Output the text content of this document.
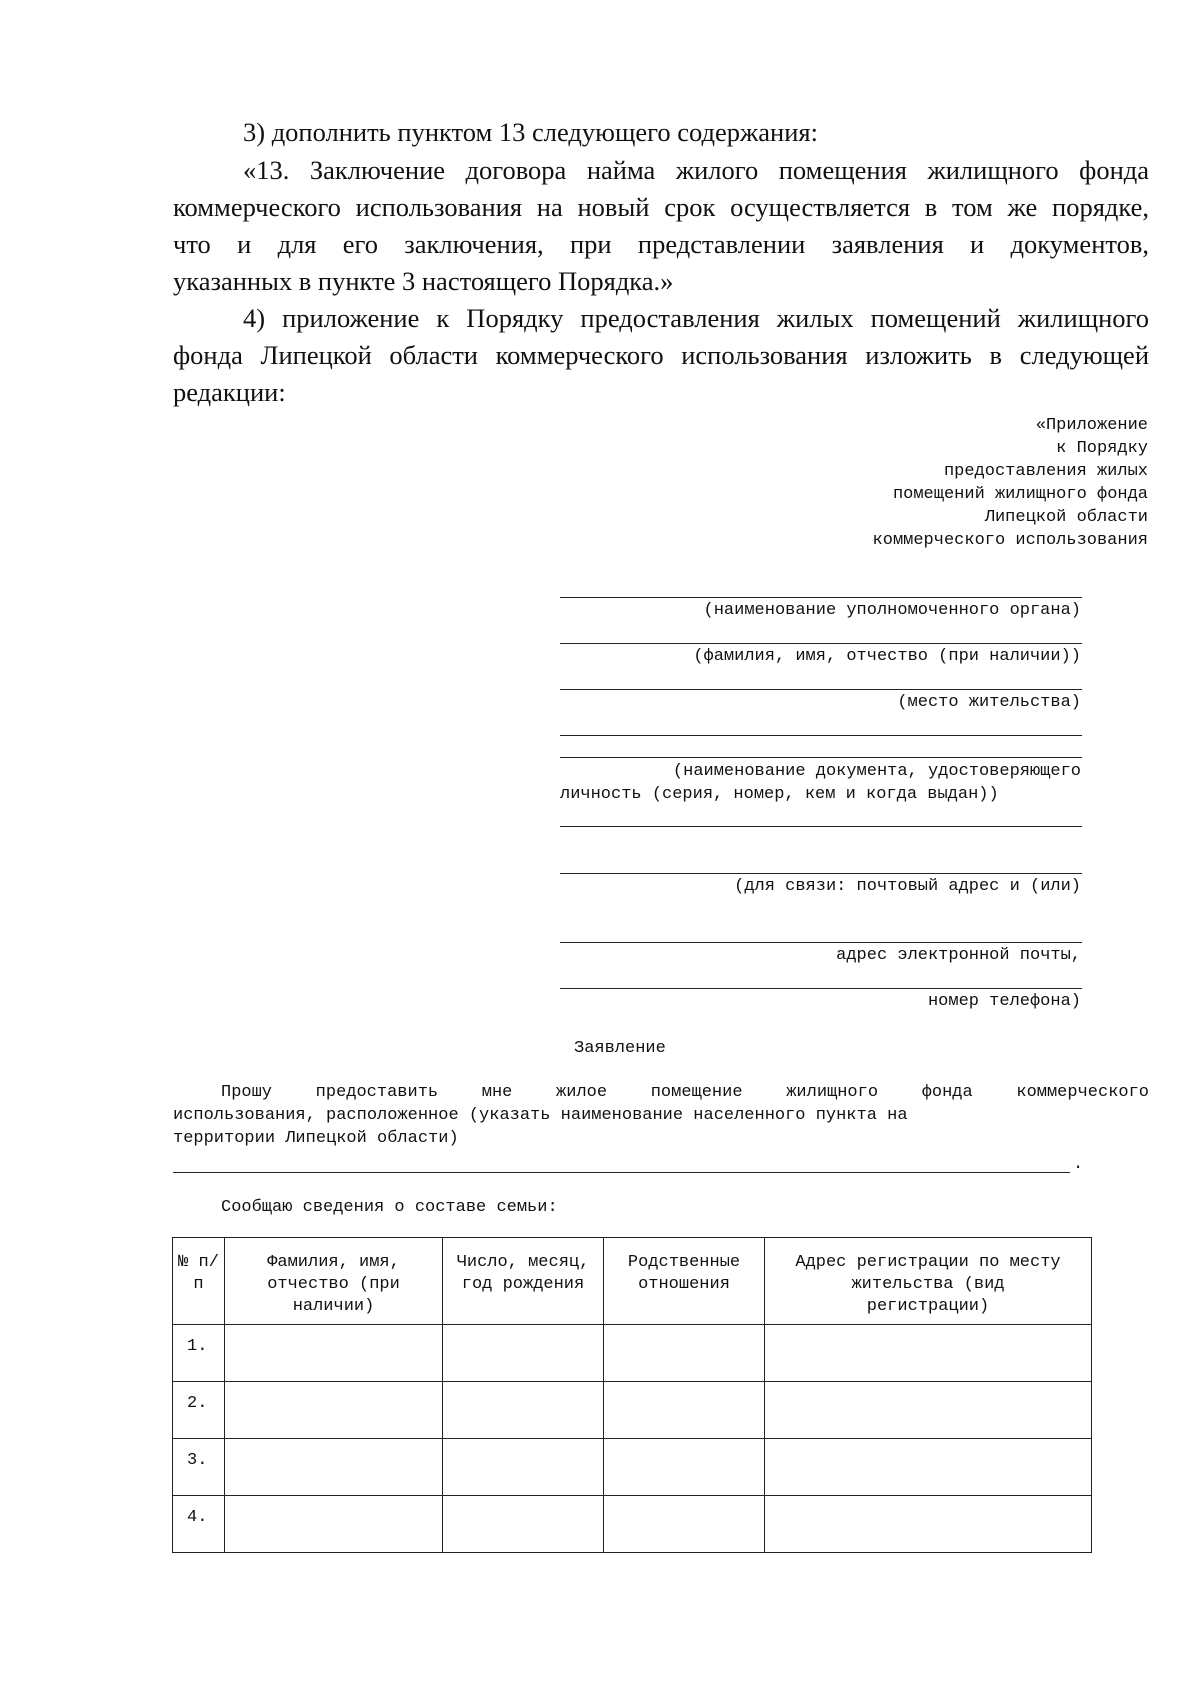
3) дополнить пунктом 13 следующего содержания:
«13. Заключение договора найма жилого помещения жилищного фонда
коммерческого использования на новый срок осуществляется в том же порядке,
что и для его заключения, при представлении заявления и документов,
указанных в пункте 3 настоящего Порядка.»
4) приложение к Порядку предоставления жилых помещений жилищного
фонда Липецкой области коммерческого использования изложить в следующей
редакции:
«Приложение
к Порядку
предоставления жилых
помещений жилищного фонда
Липецкой области
коммерческого использования
(наименование уполномоченного органа)
(фамилия, имя, отчество (при наличии))
(место жительства)
(наименование документа, удостоверяющего
личность (серия, номер, кем и когда выдан))
(для связи: почтовый адрес и (или)
адрес электронной почты,
номер телефона)
Заявление
Прошу предоставить мне жилое помещение жилищного фонда коммерческого
использования, расположенное (указать наименование населенного пункта на
территории Липецкой области)
.
Сообщаю сведения о составе семьи:
№ п/п	Фамилия, имя, отчество (при наличии)	Число, месяц, год рождения	Родственные отношения	Адрес регистрации по месту жительства (вид регистрации)
1.				
2.				
3.				
4.				
